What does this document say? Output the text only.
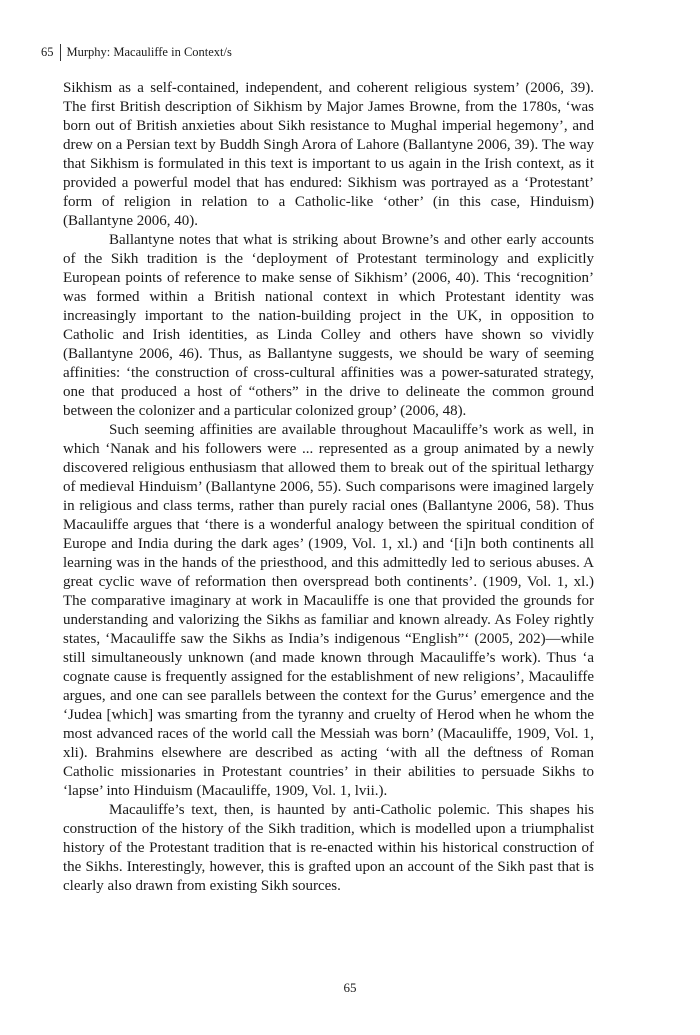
65 Murphy: Macauliffe in Context/s

Sikhism as a self-contained, independent, and coherent religious system’ (2006, 39). The first British description of Sikhism by Major James Browne, from the 1780s, ‘was born out of British anxieties about Sikh resistance to Mughal imperial hegemony’, and drew on a Persian text by Buddh Singh Arora of Lahore (Ballantyne 2006, 39). The way that Sikhism is formulated in this text is important to us again in the Irish context, as it provided a powerful model that has endured: Sikhism was portrayed as a ‘Protestant’ form of religion in relation to a Catholic-like ‘other’ (in this case, Hinduism) (Ballantyne 2006, 40).

Ballantyne notes that what is striking about Browne’s and other early accounts of the Sikh tradition is the ‘deployment of Protestant terminology and explicitly European points of reference to make sense of Sikhism’ (2006, 40). This ‘recognition’ was formed within a British national context in which Protestant identity was increasingly important to the nation-building project in the UK, in opposition to Catholic and Irish identities, as Linda Colley and others have shown so vividly (Ballantyne 2006, 46). Thus, as Ballantyne suggests, we should be wary of seeming affinities: ‘the construction of cross-cultural affinities was a power-saturated strategy, one that produced a host of “others” in the drive to delineate the common ground between the colonizer and a particular colonized group’ (2006, 48).

Such seeming affinities are available throughout Macauliffe’s work as well, in which ‘Nanak and his followers were ... represented as a group animated by a newly discovered religious enthusiasm that allowed them to break out of the spiritual lethargy of medieval Hinduism’ (Ballantyne 2006, 55). Such comparisons were imagined largely in religious and class terms, rather than purely racial ones (Ballantyne 2006, 58). Thus Macauliffe argues that ‘there is a wonderful analogy between the spiritual condition of Europe and India during the dark ages’ (1909, Vol. 1, xl.) and ‘[i]n both continents all learning was in the hands of the priesthood, and this admittedly led to serious abuses. A great cyclic wave of reformation then overspread both continents’. (1909, Vol. 1, xl.) The comparative imaginary at work in Macauliffe is one that provided the grounds for understanding and valorizing the Sikhs as familiar and known already. As Foley rightly states, ‘Macauliffe saw the Sikhs as India’s indigenous “English”‘ (2005, 202)—while still simultaneously unknown (and made known through Macauliffe’s work). Thus ‘a cognate cause is frequently assigned for the establishment of new religions’, Macauliffe argues, and one can see parallels between the context for the Gurus’ emergence and the ‘Judea [which] was smarting from the tyranny and cruelty of Herod when he whom the most advanced races of the world call the Messiah was born’ (Macauliffe, 1909, Vol. 1, xli). Brahmins elsewhere are described as acting ‘with all the deftness of Roman Catholic missionaries in Protestant countries’ in their abilities to persuade Sikhs to ‘lapse’ into Hinduism (Macauliffe, 1909, Vol. 1, lvii.).

Macauliffe’s text, then, is haunted by anti-Catholic polemic. This shapes his construction of the history of the Sikh tradition, which is modelled upon a triumphalist history of the Protestant tradition that is re-enacted within his historical construction of the Sikhs. Interestingly, however, this is grafted upon an account of the Sikh past that is clearly also drawn from existing Sikh sources.

65
